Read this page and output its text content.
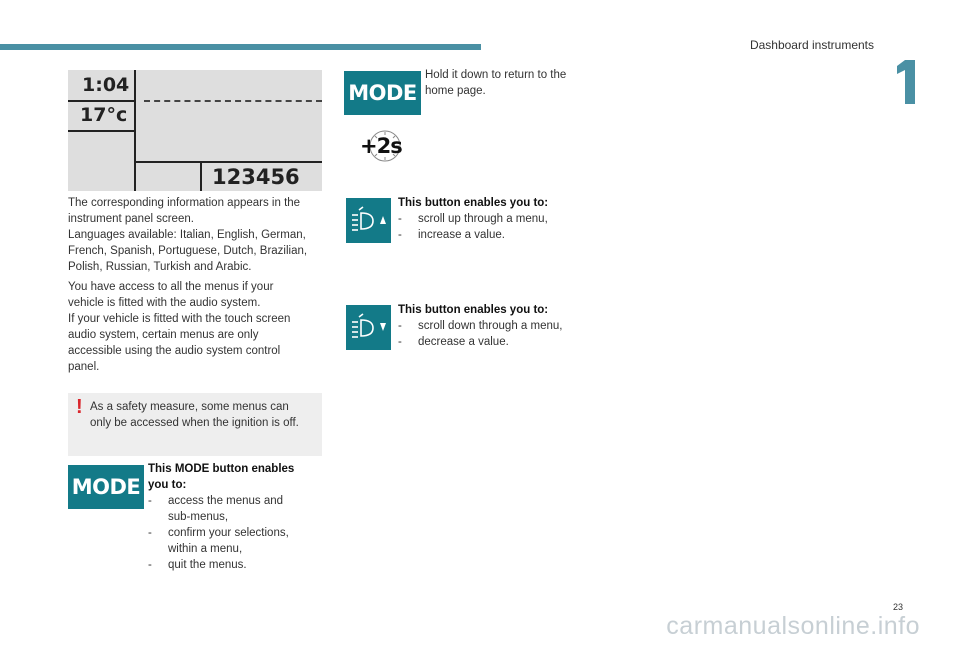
Dashboard instruments
1:04
17°c
123456
The corresponding information appears in the
instrument panel screen.
Languages available: Italian, English, German,
French, Spanish, Portuguese, Dutch, Brazilian,
Polish, Russian, Turkish and Arabic.
You have access to all the menus if your
vehicle is fitted with the audio system.
If your vehicle is fitted with the touch screen
audio system, certain menus are only
accessible using the audio system control
panel.
! As a safety measure, some menus can
only be accessed when the ignition is off.
MODE
This MODE button enables
you to:
-	access the menus and
sub-menus,
-	confirm your selections,
within a menu,
-	quit the menus.
MODE
Hold it down to return to the
home page.
+2s
This button enables you to:
-	scroll up through a menu,
-	increase a value.
This button enables you to:
-	scroll down through a menu,
-	decrease a value.
23
carmanualsonline.info
